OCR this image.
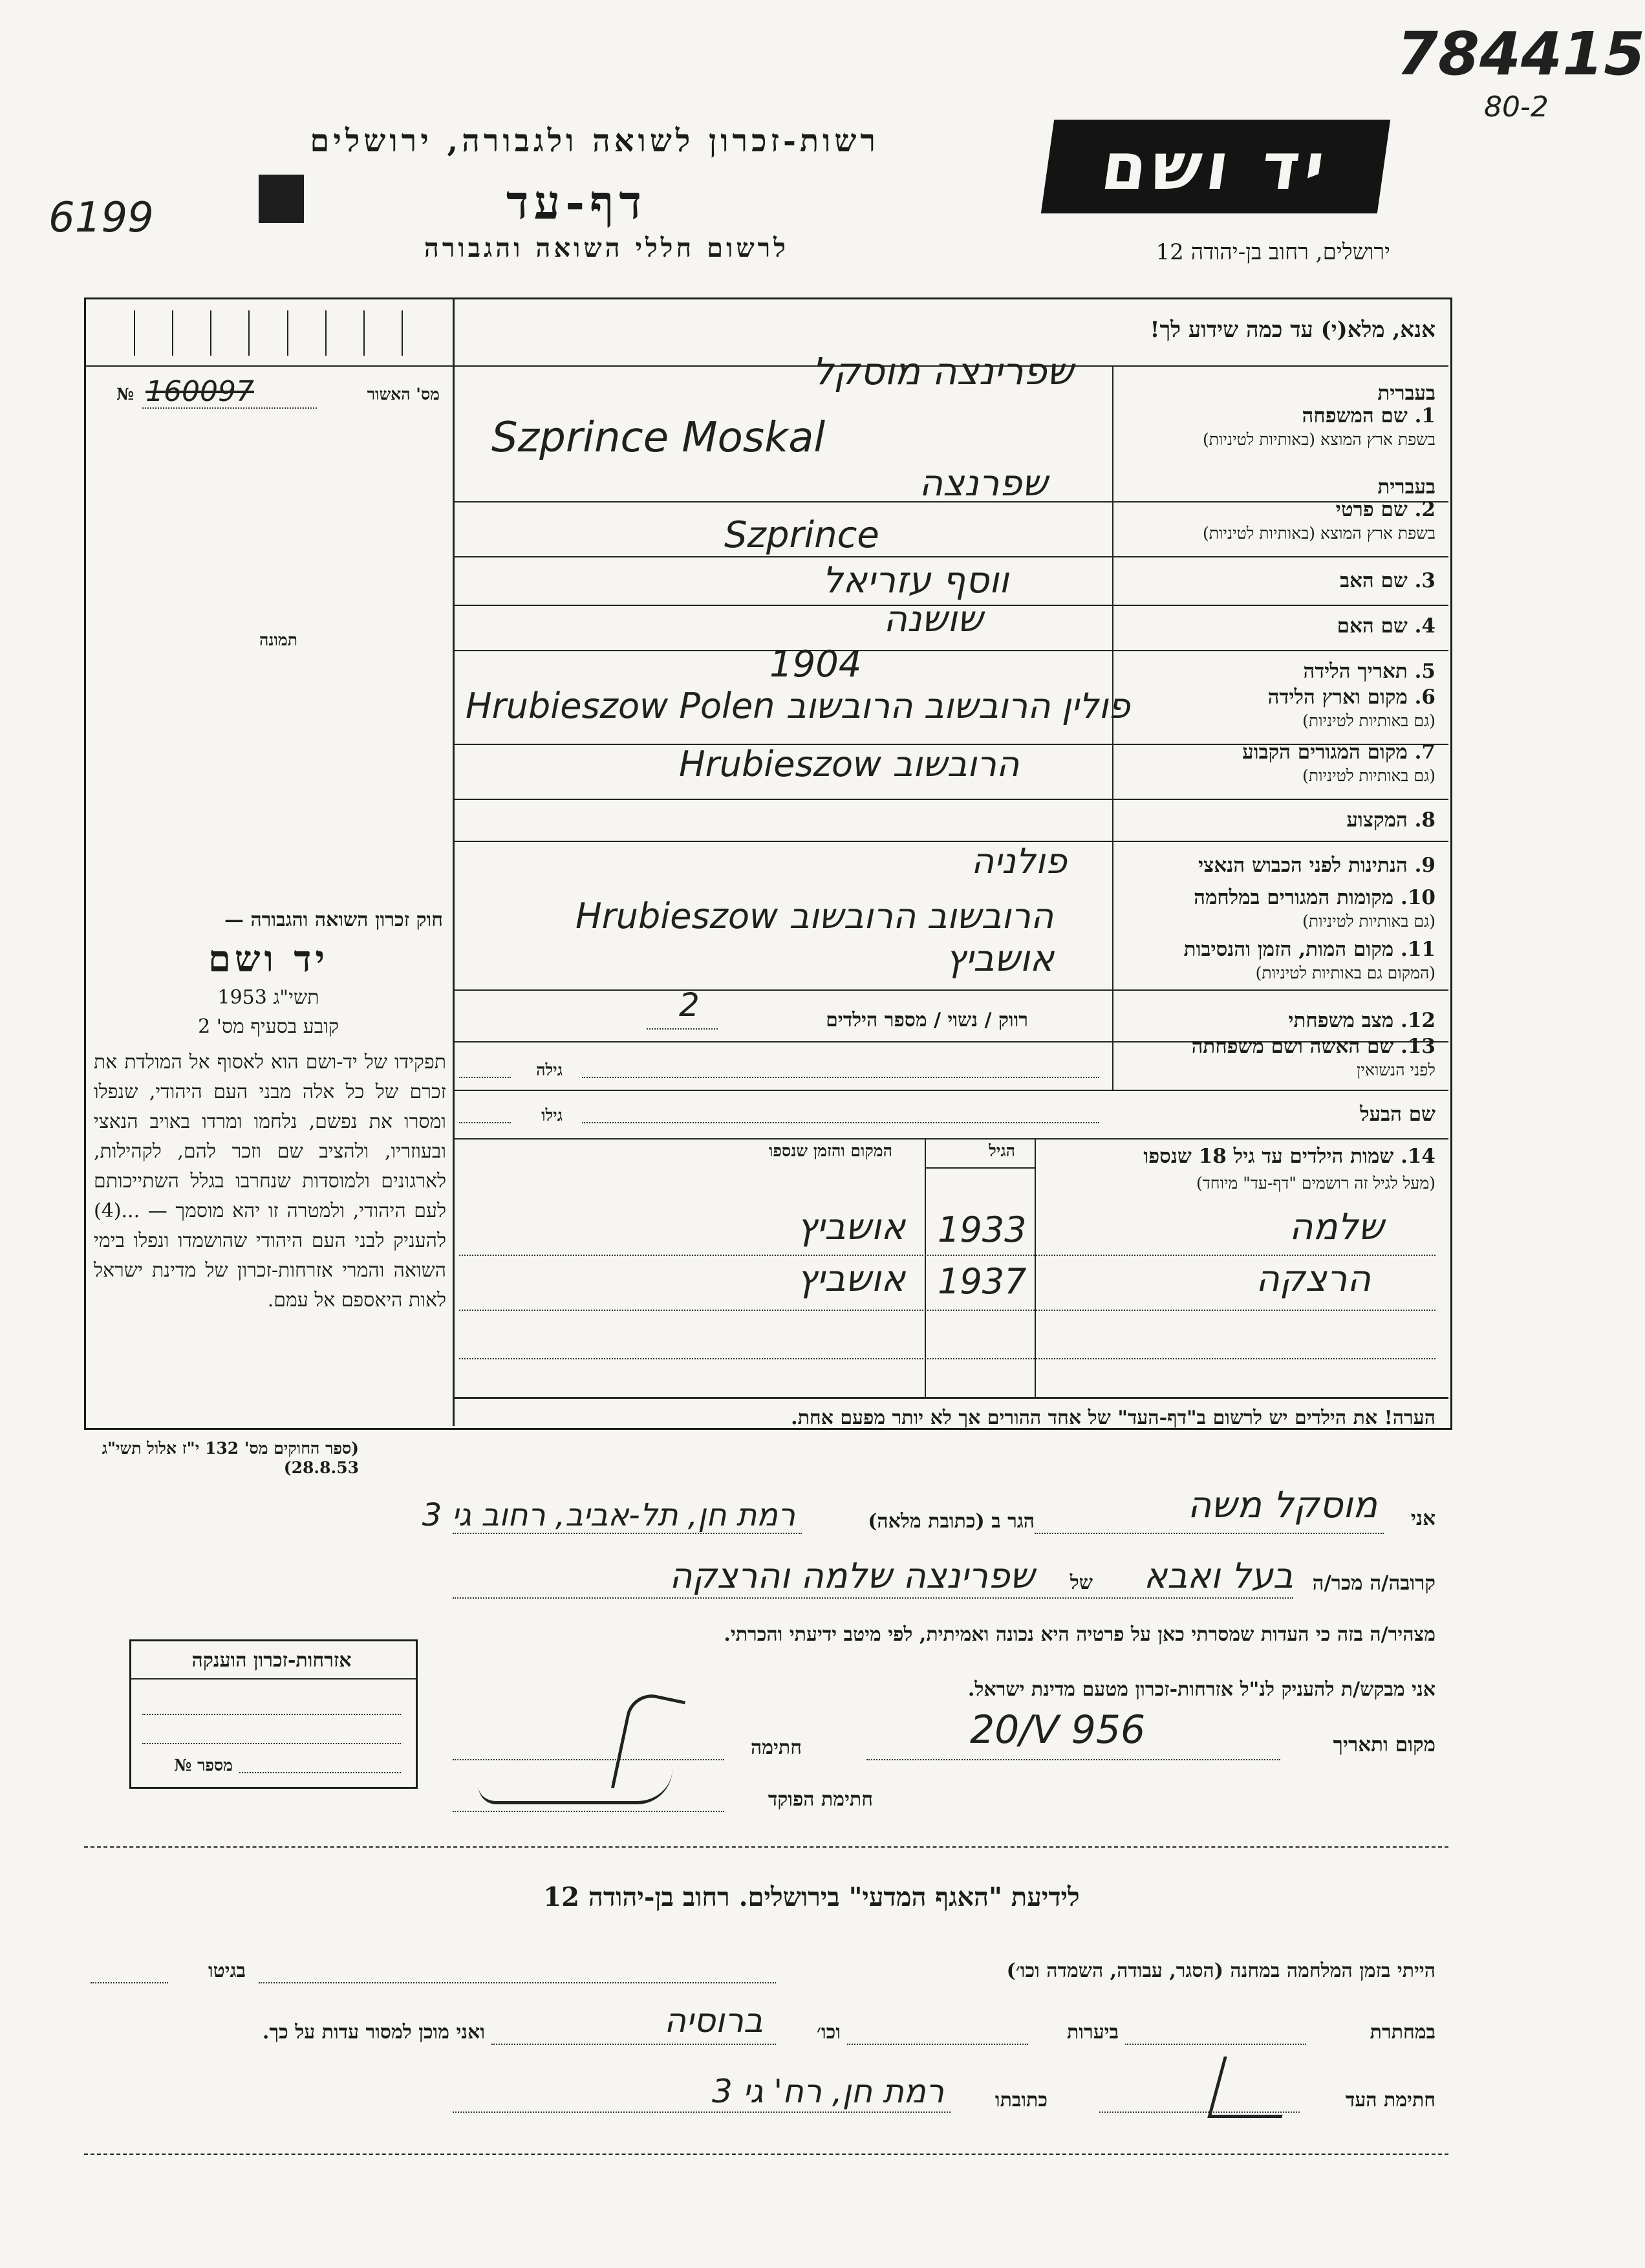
784415
80-2
6199
רשות-זכרון לשואה ולגבורה, ירושלים
דף-עד
לרשום חללי השואה והגבורה
יד ושם
ירושלים, רחוב בן-יהודה 12
אנא, מלא(י) עד כמה שידוע לך!
מס' האשור
№ 160097
תמונה
בעברית
1. שם המשפחה
בשפת ארץ המוצא (באותיות לטיניות)
שפרינצה מוסקל
Szprince Moskal
בעברית
2. שם פרטי
בשפת ארץ המוצא (באותיות לטיניות)
שפרנצה
Szprince
3. שם האב
ווסף עזריאל
4. שם האם
שושנה
5. תאריך הלידה
1904
6. מקום וארץ הלידה
(גם באותיות לטיניות)
Hrubieszow Polen פולין הרובשוב הרובשוב
7. מקום המגורים הקבוע
(גם באותיות לטיניות)
Hrubieszow הרובשוב
8. המקצוע
9. הנתינות לפני הכבוש הנאצי
פולניה
10. מקומות המגורים במלחמה
(גם באותיות לטיניות)
Hrubieszow הרובשוב הרובשוב
11. מקום המות, הזמן והנסיבות
(המקום גם באותיות לטיניות)
אושביץ
12. מצב משפחתי
רווק / נשוי / מספר הילדים
2
13. שם האשה ושם משפחתה
לפני הנשואין
גילה
שם הבעל
גילו
14. שמות הילדים עד גיל 18 שנספו
(מעל לגיל זה רושמים "דף-עד" מיוחד)
הגיל
המקום והזמן שנספו
שלמה
1933
אושביץ
הרצקה
1937
אושביץ
הערה! את הילדים יש לרשום ב"דף-העד" של אחד ההורים אך לא יותר מפעם אחת.
חוק זכרון השואה והגבורה —
יד ושם
תשי"ג 1953
קובע בסעיף מס' 2
תפקידו של יד-ושם הוא לאסוף אל המולדת את זכרם של כל אלה מבני העם היהודי, שנפלו ומסרו את נפשם, נלחמו ומרדו באויב הנאצי ובעוזריו, ולהציב שם וזכר להם, לקהילות, לארגונים ולמוסדות שנחרבו בגלל השתייכותם לעם היהודי, ולמטרה זו יהא מוסמך — ...(4) להעניק לבני העם היהודי שהושמדו ונפלו בימי השואה והמרי אזרחות-זכרון של מדינת ישראל לאות היאספם אל עמם.
(ספר החוקים מס' 132 י"ז אלול תשי"ג 28.8.53)
אני
מוסקל משה
הגר ב (כתובת מלאה)
רמת חן, תל-אביב, רחוב גי 3
קרובה/ה מכר/ה
בעל ואבא
של
שפרינצה שלמה והרצקה
מצהיר/ה בזה כי העדות שמסרתי כאן על פרטיה היא נכונה ואמיתית, לפי מיטב ידיעתי והכרתי.
אני מבקש/ת להעניק לנ"ל אזרחות-זכרון מטעם מדינת ישראל.
מקום ותאריך
20/V 956
חתימה
חתימת הפוקד
אזרחות-זכרון הוענקה
מספר №
לידיעת "האגף המדעי" בירושלים. רחוב בן-יהודה 12
הייתי בזמן המלחמה במחנה (הסגר, עבודה, השמדה וכו׳)
בגיטו
במחתרת
ביערות
וכו׳
ברוסיה
ואני מוכן למסור עדות על כך.
חתימת העד
כתובתו
רמת חן, רח' גי 3
